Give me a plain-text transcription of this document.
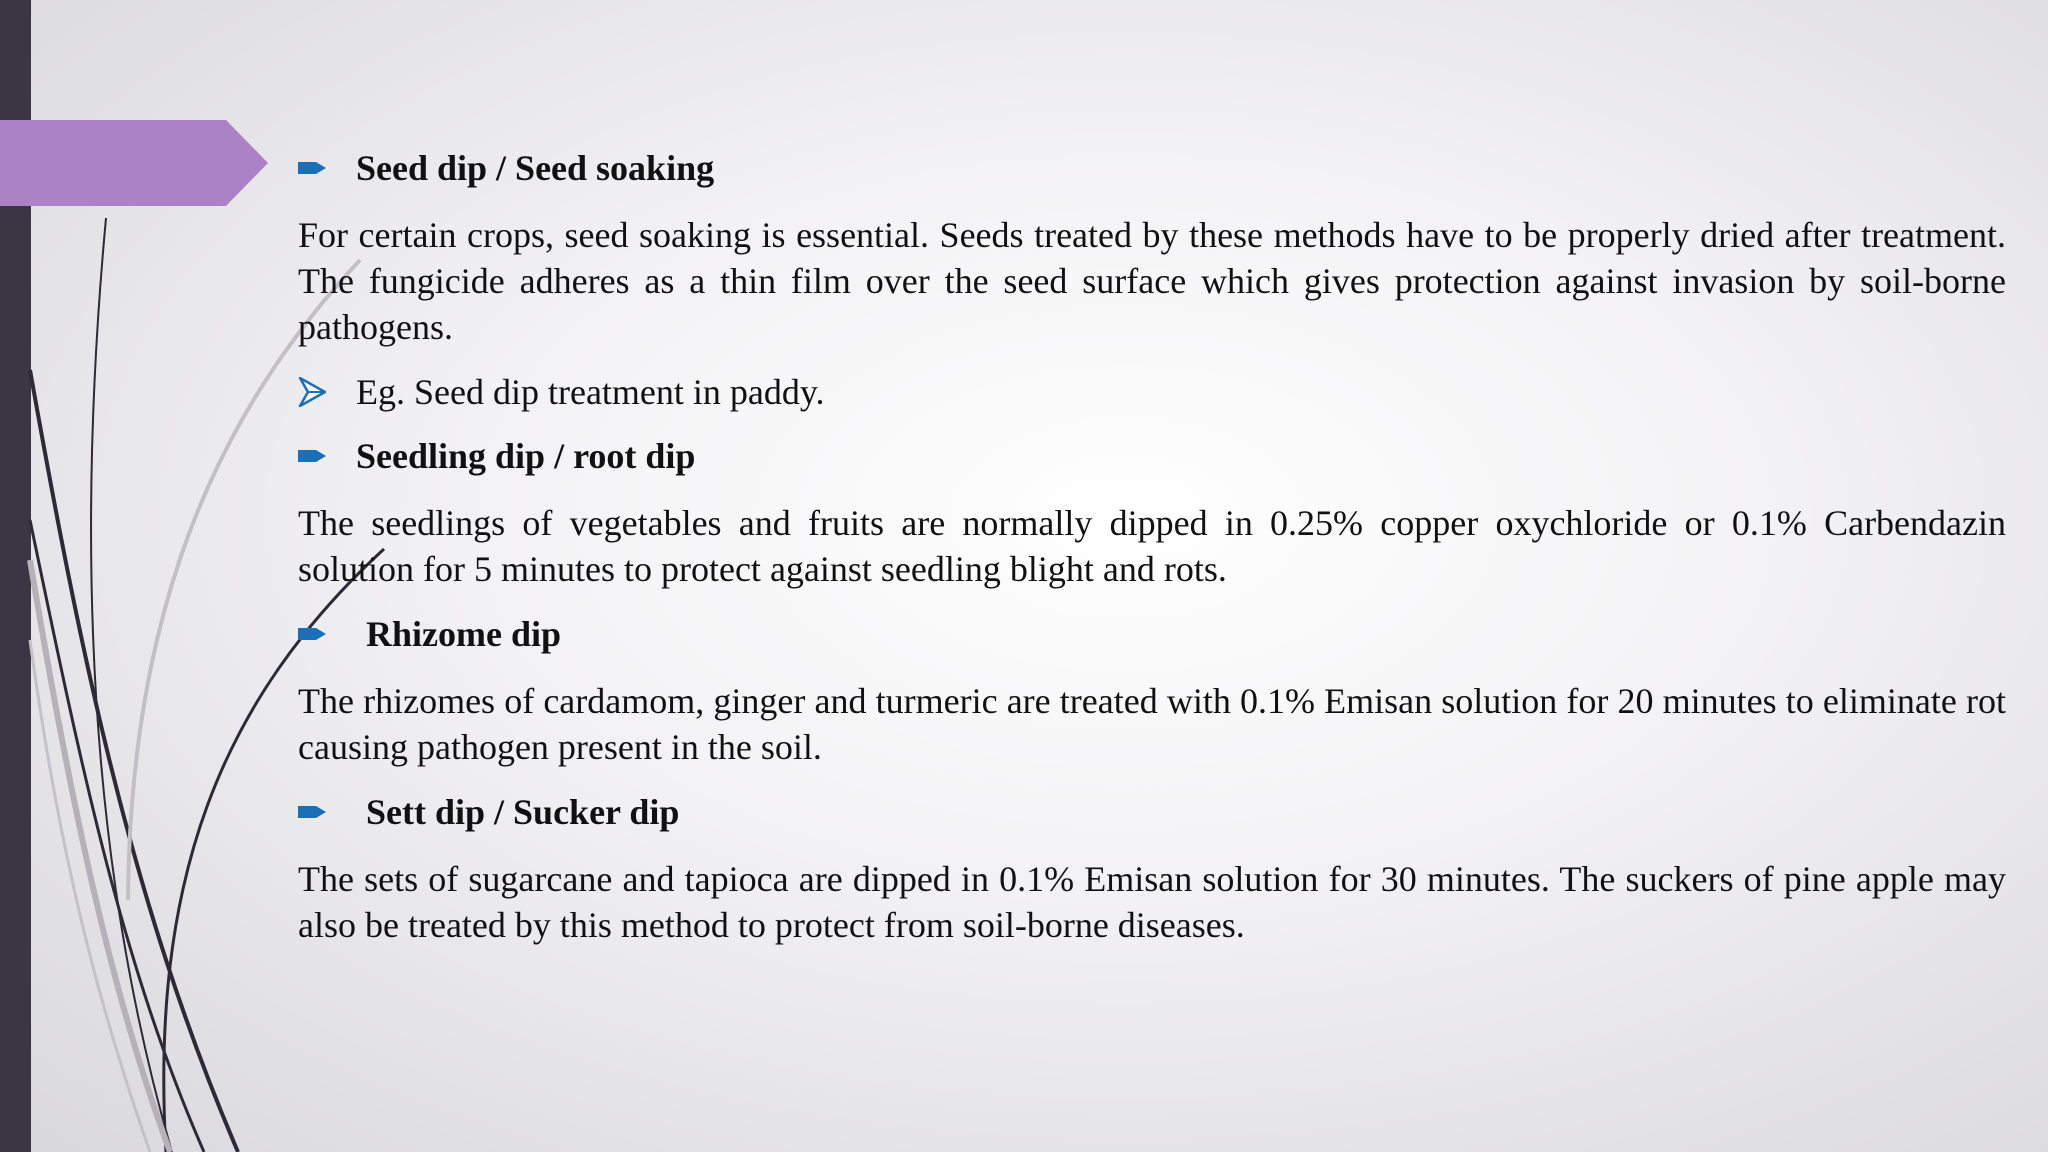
Seed dip / Seed soaking

For certain crops, seed soaking is essential. Seeds treated by these methods have to be properly dried after treatment. The fungicide adheres as a thin film over the seed surface which gives protection against invasion by soil-borne pathogens.

Eg. Seed dip treatment in paddy.
Seedling dip / root dip

The seedlings of vegetables and fruits are normally dipped in 0.25% copper oxychloride or 0.1% Carbendazin solution for 5 minutes to protect against seedling blight and rots.

Rhizome dip

The rhizomes of cardamom, ginger and turmeric are treated with 0.1% Emisan solution for 20 minutes to eliminate rot causing pathogen present in the soil.

Sett dip / Sucker dip

The sets of sugarcane and tapioca are dipped in 0.1% Emisan solution for 30 minutes. The suckers of pine apple may also be treated by this method to protect from soil-borne diseases.
